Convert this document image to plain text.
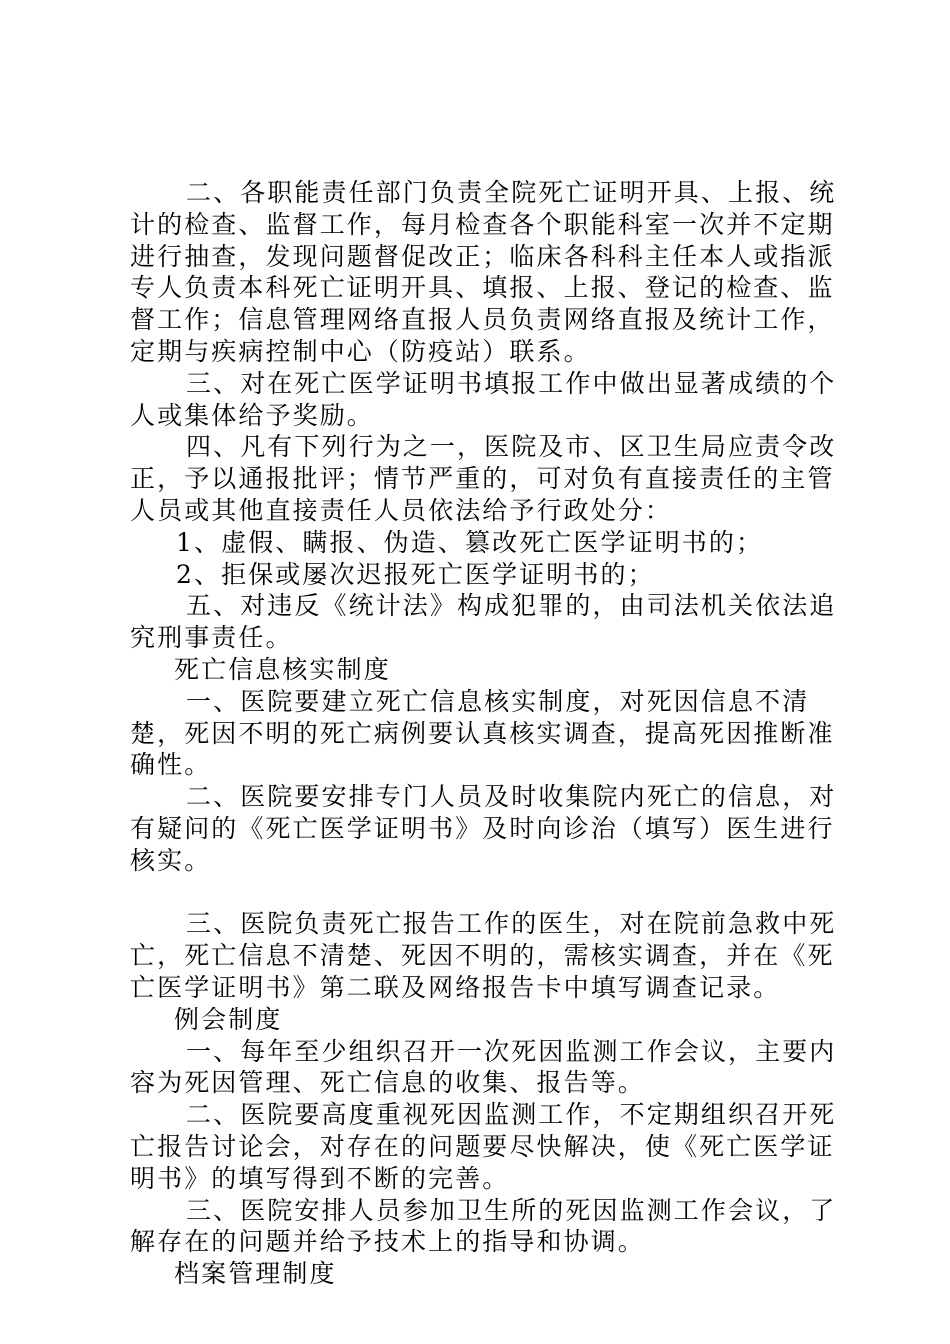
二、各职能责任部门负责全院死亡证明开具、上报、统计的检查、监督工作，每月检查各个职能科室一次并不定期进行抽查，发现问题督促改正；临床各科科主任本人或指派专人负责本科死亡证明开具、填报、上报、登记的检查、监督工作；信息管理网络直报人员负责网络直报及统计工作，定期与疾病控制中心（防疫站）联系。

三、对在死亡医学证明书填报工作中做出显著成绩的个人或集体给予奖励。

四、凡有下列行为之一，医院及市、区卫生局应责令改正，予以通报批评；情节严重的，可对负有直接责任的主管人员或其他直接责任人员依法给予行政处分：

1、虚假、瞒报、伪造、篡改死亡医学证明书的；

2、拒保或屡次迟报死亡医学证明书的；

五、对违反《统计法》构成犯罪的，由司法机关依法追究刑事责任。

死亡信息核实制度

一、医院要建立死亡信息核实制度，对死因信息不清楚，死因不明的死亡病例要认真核实调查，提高死因推断准确性。

二、医院要安排专门人员及时收集院内死亡的信息，对有疑问的《死亡医学证明书》及时向诊治（填写）医生进行核实。

三、医院负责死亡报告工作的医生，对在院前急救中死亡，死亡信息不清楚、死因不明的，需核实调查，并在《死亡医学证明书》第二联及网络报告卡中填写调查记录。

例会制度

一、每年至少组织召开一次死因监测工作会议，主要内容为死因管理、死亡信息的收集、报告等。

二、医院要高度重视死因监测工作，不定期组织召开死亡报告讨论会，对存在的问题要尽快解决，使《死亡医学证明书》的填写得到不断的完善。

三、医院安排人员参加卫生所的死因监测工作会议，了解存在的问题并给予技术上的指导和协调。

档案管理制度
